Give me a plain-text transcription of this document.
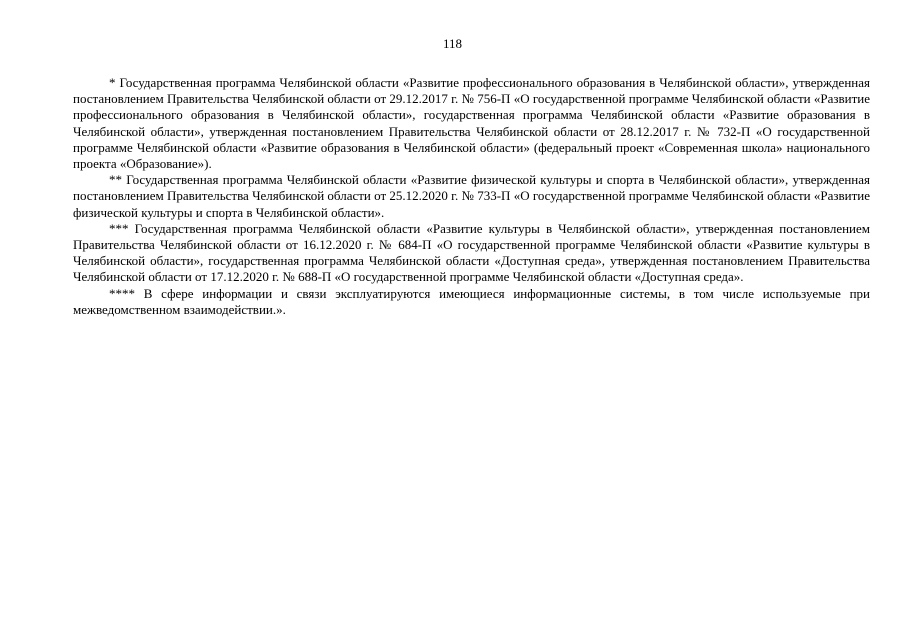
118

* Государственная программа Челябинской области «Развитие профессионального образования в Челябинской области», утвержденная постановлением Правительства Челябинской области от 29.12.2017 г. № 756-П «О государственной программе Челябинской области «Развитие профессионального образования в Челябинской области», государственная программа Челябинской области «Развитие образования в Челябинской области», утвержденная постановлением Правительства Челябинской области от 28.12.2017 г. № 732-П «О государственной программе Челябинской области «Развитие образования в Челябинской области» (федеральный проект «Современная школа» национального проекта «Образование»).

** Государственная программа Челябинской области «Развитие физической культуры и спорта в Челябинской области», утвержденная постановлением Правительства Челябинской области от 25.12.2020 г. № 733-П «О государственной программе Челябинской области «Развитие физической культуры и спорта в Челябинской области».

*** Государственная программа Челябинской области «Развитие культуры в Челябинской области», утвержденная постановлением Правительства Челябинской области от 16.12.2020 г. № 684-П «О государственной программе Челябинской области «Развитие культуры в Челябинской области», государственная программа Челябинской области «Доступная среда», утвержденная постановлением Правительства Челябинской области от 17.12.2020 г. № 688-П «О государственной программе Челябинской области «Доступная среда».

**** В сфере информации и связи эксплуатируются имеющиеся информационные системы, в том числе используемые при межведомственном взаимодействии.».
